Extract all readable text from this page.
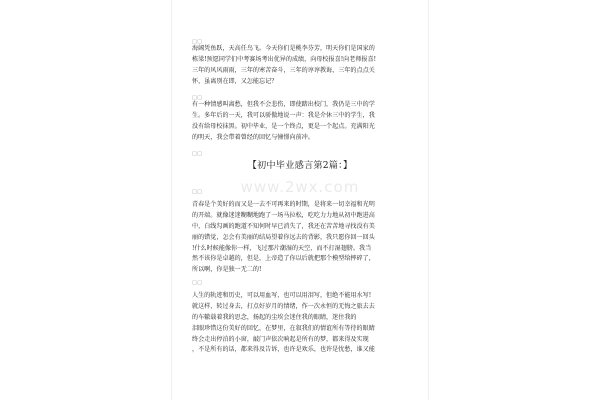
□□
海阔凭鱼跃，天高任鸟飞。今天你们是桃李芬芳，明天你们是国家的
栋梁!预愿同学们中考赛场考出优异的成绩，向母校报喜!向老师报喜!
三年的风风雨雨，三年的寒苦奋斗，三年的谆谆教诲，三年的点点关
怀，虽离别在即，又怎能忘记？
□□
有一种情感叫离愁，但我不会悲伤，即使踏出校门，我仍是三中的学
生。多年后的一天，我可以骄傲地说一声：我是介休三中的学生，我
没有给母校抹黑。初中毕业，是一个终点，更是一个起点。充满阳光
的明天，我会带着曾经的回忆与憧憬向前冲。
□□
【初中毕业感言第2篇：】
www.2wx.com
□□
青春是个美好的而又是一去不可再来的时期，是将来一切幸福和光明
的开端。就像迷迷糊糊地跑了一场马拉松，吃吃力力地从初中跑进高
中，白线勾画的跑道不知何时早已消失了，我还在苦苦地寻找没有美
丽的错觉，怎会有美丽的结局望着你远去的背影，我只愿你回一回头
!什么时候能像你一样，飞过那片潮湿的天空，而不打湿翅膀。我当
然不该你是卓越的，但是，上帝造了你以后就把那个模型给摔碎了，
所以啊，你是独一无二的!
□□
人生的轨迹和历史，可以用血写，也可以用泪写，但绝不能用水写!
就这样，转过身去，打点好岁月的情绪，作一次永恒的无悔之旅去去
的车辙载着我的思念，扬起的尘埃会迷住我的眼睛，迷住我的
泪眼珍惜这份美好的回忆，在梦里，在叙我们的情谊所有等待的眼睛
终会走出停泊的小窗，敲门声依次响起是所有的梦，都来得及实现
，不是所有的话，都来得及告诉，也许是欢乐，也许是忧愁，谁又能
